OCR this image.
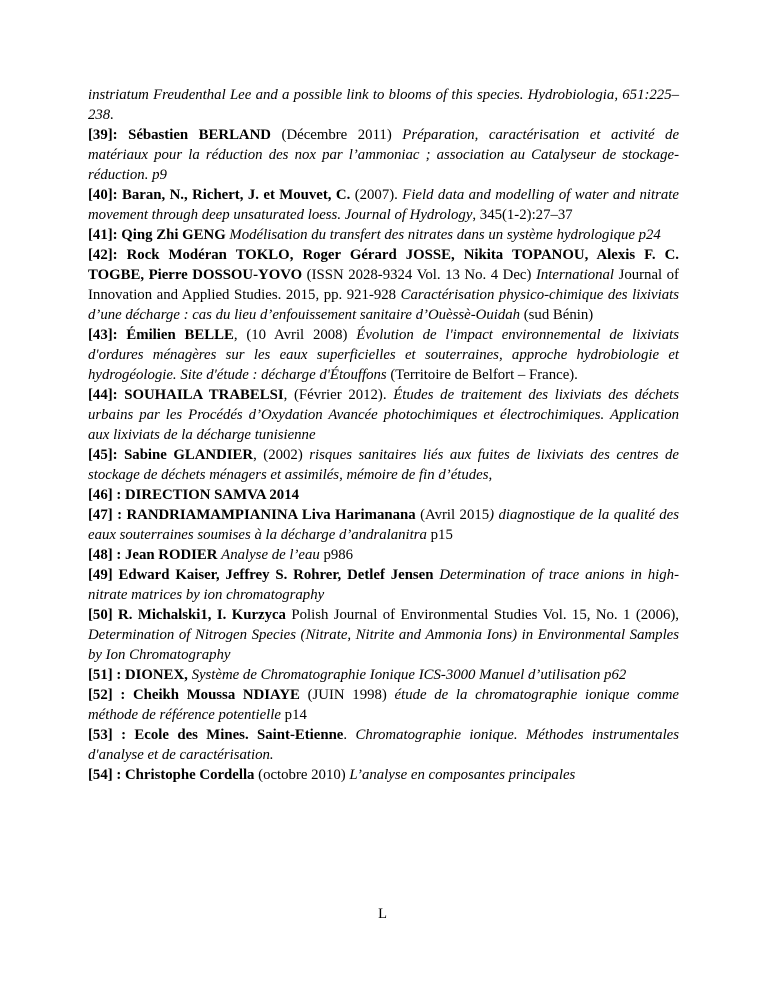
instriatum Freudenthal Lee and a possible link to blooms of this species. Hydrobiologia, 651:225–238.

[39]: Sébastien BERLAND (Décembre 2011) Préparation, caractérisation et activité de matériaux pour la réduction des nox par l’ammoniac ; association au Catalyseur de stockage-réduction. p9

[40]: Baran, N., Richert, J. et Mouvet, C. (2007). Field data and modelling of water and nitrate movement through deep unsaturated loess. Journal of Hydrology, 345(1-2):27–37

[41]: Qing Zhi GENG Modélisation du transfert des nitrates dans un système hydrologique p24

[42]: Rock Modéran TOKLO, Roger Gérard JOSSE, Nikita TOPANOU, Alexis F. C. TOGBE, Pierre DOSSOU-YOVO (ISSN 2028-9324 Vol. 13 No. 4 Dec) International Journal of Innovation and Applied Studies. 2015, pp. 921-928 Caractérisation physico-chimique des lixiviats d’une décharge : cas du lieu d’enfouissement sanitaire d’Ouèssè-Ouidah (sud Bénin)

[43]: Émilien BELLE, (10 Avril 2008) Évolution de l'impact environnemental de lixiviats d'ordures ménagères sur les eaux superficielles et souterraines, approche hydrobiologie et hydrogéologie. Site d'étude : décharge d'Étouffons (Territoire de Belfort – France).

[44]: SOUHAILA TRABELSI, (Février 2012). Études de traitement des lixiviats des déchets urbains par les Procédés d’Oxydation Avancée photochimiques et électrochimiques. Application aux lixiviats de la décharge tunisienne

[45]: Sabine GLANDIER, (2002) risques sanitaires liés aux fuites de lixiviats des centres de stockage de déchets ménagers et assimilés, mémoire de fin d’études,

[46] : DIRECTION SAMVA 2014

[47] : RANDRIAMAMPIANINA Liva Harimanana (Avril 2015) diagnostique de la qualité des eaux souterraines soumises à la décharge d’andralanitra p15

[48] : Jean RODIER Analyse de l’eau p986

[49] Edward Kaiser, Jeffrey S. Rohrer, Detlef Jensen Determination of trace anions in high-nitrate matrices by ion chromatography

[50] R. Michalski1, I. Kurzyca Polish Journal of Environmental Studies Vol. 15, No. 1 (2006), Determination of Nitrogen Species (Nitrate, Nitrite and Ammonia Ions) in Environmental Samples by Ion Chromatography

[51] : DIONEX, Système de Chromatographie Ionique ICS-3000 Manuel d’utilisation p62

[52] : Cheikh Moussa NDIAYE (JUIN 1998) étude de la chromatographie ionique comme méthode de référence potentielle p14

[53] : Ecole des Mines. Saint-Etienne. Chromatographie ionique. Méthodes instrumentales d'analyse et de caractérisation.

[54] : Christophe Cordella (octobre 2010) L’analyse en composantes principales

L
